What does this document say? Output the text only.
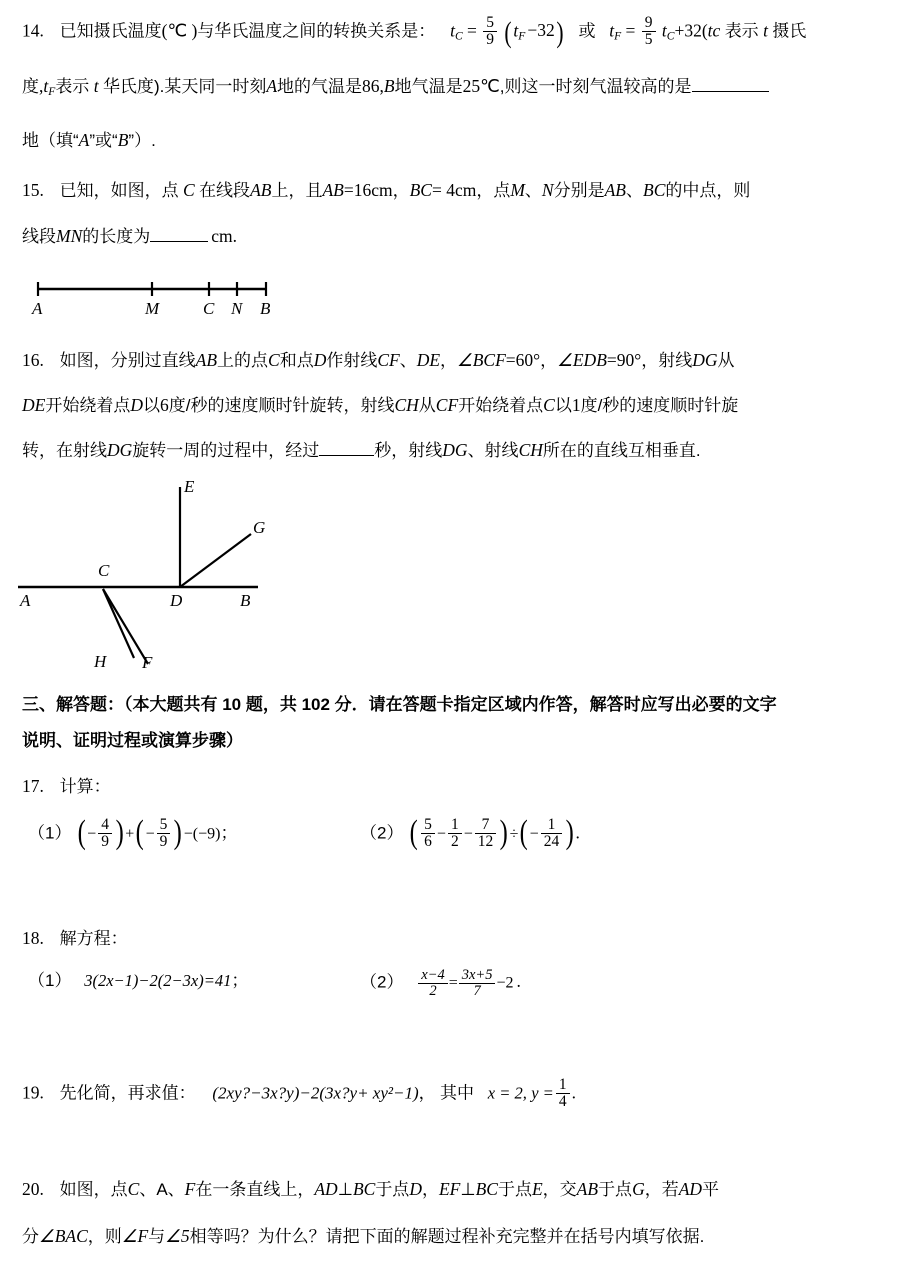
14. 已知摄氏温度(℃ )与华氏温度之间的转换关系是： $t_C = \frac{5}{9} (t_F -32)$ 或 $t_F = \frac{9}{5} t_C+32(tc$ 表示 t 摄氏
度$,t_F$表示 t 华氏度).某天同一时刻A地的气温是86,B地气温是25℃,则这一时刻气温较高的是
地（填“A”或“B”）.
15. 已知，如图，点 C 在线段AB上，且AB=16cm，BC= 4cm，点M、N分别是AB、BC的中点，则
线段MN的长度为	cm.
A	M	C N B
16. 如图，分别过直线AB上的点C和点D作射线CF、DE，∠BCF=60°，∠EDB=90°，射线DG从
DE开始绕着点D以6度/秒的速度顺时针旋转，射线CH从CF开始绕着点C以1度/秒的速度顺时针旋
转，在射线DG旋转一周的过程中，经过	秒，射线DG、射线CH所在的直线互相垂直.
E
G
C
A	D	B
H F
三、解答题：（本大题共有 10 题，共 102 分．请在答题卡指定区域内作答，解答时应写出必要的文字
说明、证明过程或演算步骤）
17. 计算：
（1） (− $\frac{4}{9}$ )+(− $\frac{5}{9} )-(-9)$；	（2） ( $\frac{5}{6} - \frac{1}{2} - \frac{7}{12}$ )÷(− $\frac{1}{24}$ ).
18. 解方程：
（1） 3(2x−1)−2(2−3x)=41；	$(2) \frac{x-4}{2} = \frac{3x+5}{7} -2$ .
19. 先化简，再求值： (2xy?−3x?y)−2(3x?y+ xy²−1)， 其中 x = 2, $y = \frac{1}{4}$ .
20. 如图，点C、A、F在一条直线上，AD⊥BC于点D，EF⊥BC于点E，交AB于点G，若AD平
分∠BAC，则∠F与∠5相等吗？为什么？请把下面的解题过程补充完整并在括号内填写依据.
